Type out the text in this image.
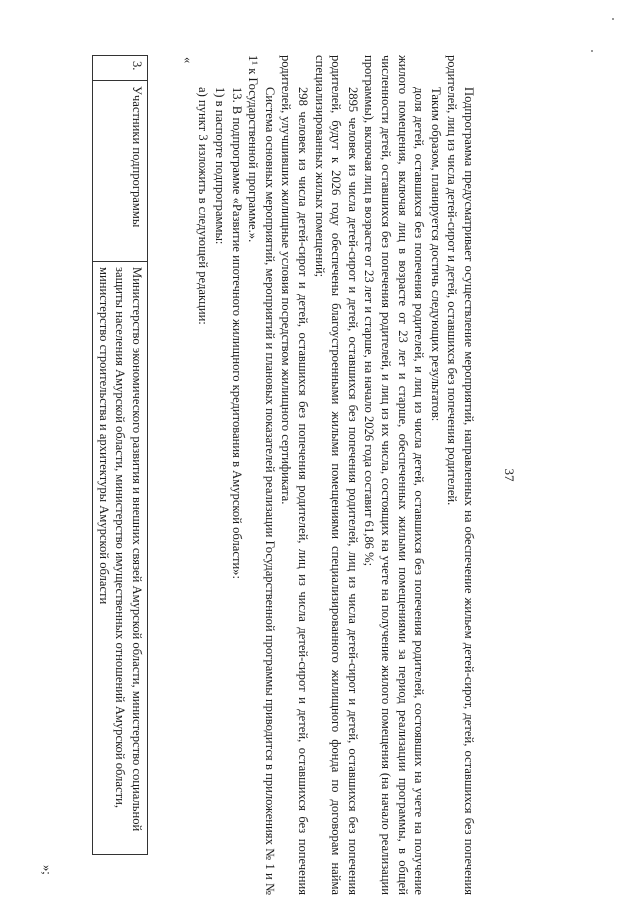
37

Подпрограмма предусматривает осуществление мероприятий, направленных на обеспечение жильем детей-сирот, детей, оставшихся без попечения родителей, лиц из числа детей-сирот и детей, оставшихся без попечения родителей.

Таким образом, планируется достичь следующих результатов:

доля детей, оставшихся без попечения родителей, и лиц из числа детей, оставшихся без попечения родителей, состоявших на учете на получение жилого помещения, включая лиц в возрасте от 23 лет и старше, обеспеченных жилыми помещениями за период реализации программы, в общей численности детей, оставшихся без попечения родителей, и лиц из их числа, состоящих на учете на получение жилого помещения (на начало реализации программы), включая лиц в возрасте от 23 лет и старше, на начало 2026 года составит 61,86 %;

2895 человек из числа детей-сирот и детей, оставшихся без попечения родителей, лиц из числа детей-сирот и детей, оставшихся без попечения родителей, будут к 2026 году обеспечены благоустроенными жилыми помещениями специализированного жилищного фонда по договорам найма специализированных жилых помещений;

298 человек из числа детей-сирот и детей, оставшихся без попечения родителей, лиц из числа детей-сирот и детей, оставшихся без попечения родителей, улучшивших жилищные условия посредством жилищного сертификата.

Система основных мероприятий, мероприятий и плановых показателей реализации Государственной программы приводится в приложениях № 1 и № 1¹ к Государственной программе.».

13. В подпрограмме «Развитие ипотечного жилищного кредитования в Амурской области»:

1) в паспорте подпрограммы:

а) пункт 3 изложить в следующей редакции:

«

3.	Участники подпрограммы	Министерство экономического развития и внешних связей Амурской области, министерство социальной защиты населения Амурской области, министерство имущественных отношений Амурской области, министерство строительства и архитектуры Амурской области
»;
